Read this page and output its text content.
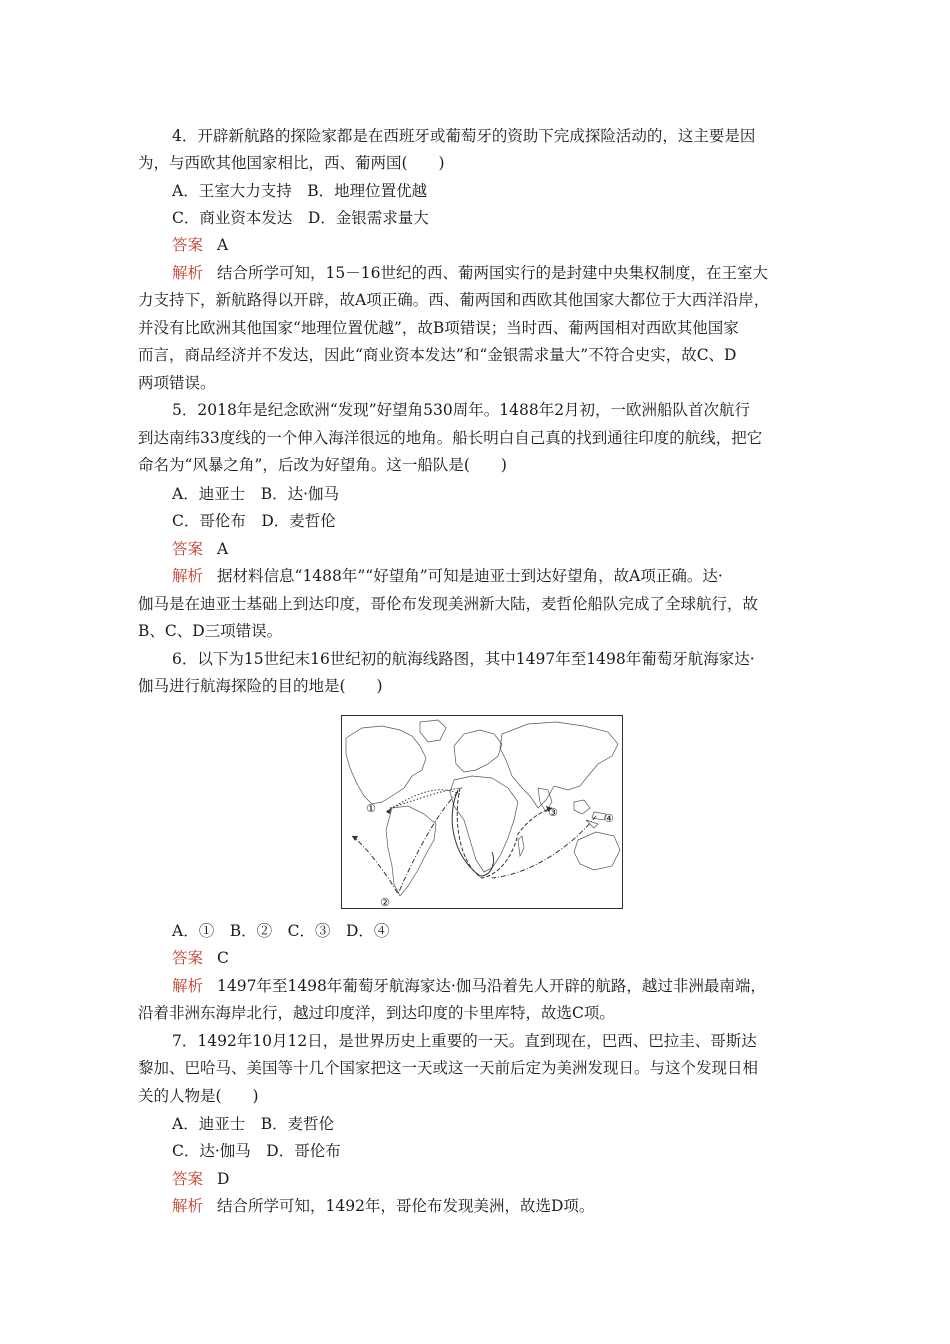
4．开辟新航路的探险家都是在西班牙或葡萄牙的资助下完成探险活动的，这主要是因
为，与西欧其他国家相比，西、葡两国(　　)
A．王室大力支持　B．地理位置优越
C．商业资本发达　D．金银需求量大
答案 A
解析 结合所学可知，15－16世纪的西、葡两国实行的是封建中央集权制度，在王室大
力支持下，新航路得以开辟，故A项正确。西、葡两国和西欧其他国家大都位于大西洋沿岸，
并没有比欧洲其他国家“地理位置优越”，故B项错误；当时西、葡两国相对西欧其他国家
而言，商品经济并不发达，因此“商业资本发达”和“金银需求量大”不符合史实，故C、D
两项错误。
5．2018年是纪念欧洲“发现”好望角530周年。1488年2月初，一欧洲船队首次航行
到达南纬33度线的一个伸入海洋很远的地角。船长明白自己真的找到通往印度的航线，把它
命名为“风暴之角”，后改为好望角。这一船队是(　　)
A．迪亚士　B．达·伽马
C．哥伦布　D．麦哲伦
答案 A
解析 据材料信息“1488年”“好望角”可知是迪亚士到达好望角，故A项正确。达·
伽马是在迪亚士基础上到达印度，哥伦布发现美洲新大陆，麦哲伦船队完成了全球航行，故
B、C、D三项错误。
6．以下为15世纪末16世纪初的航海线路图，其中1497年至1498年葡萄牙航海家达·
伽马进行航海探险的目的地是(　　)
①
②
③	④
A．①　B．②　C．③　D．④
答案 C
解析 1497年至1498年葡萄牙航海家达·伽马沿着先人开辟的航路，越过非洲最南端，
沿着非洲东海岸北行，越过印度洋，到达印度的卡里库特，故选C项。
7．1492年10月12日，是世界历史上重要的一天。直到现在，巴西、巴拉圭、哥斯达
黎加、巴哈马、美国等十几个国家把这一天或这一天前后定为美洲发现日。与这个发现日相
关的人物是(　　)
A．迪亚士　B．麦哲伦
C．达·伽马　D．哥伦布
答案 D
解析 结合所学可知，1492年，哥伦布发现美洲，故选D项。
